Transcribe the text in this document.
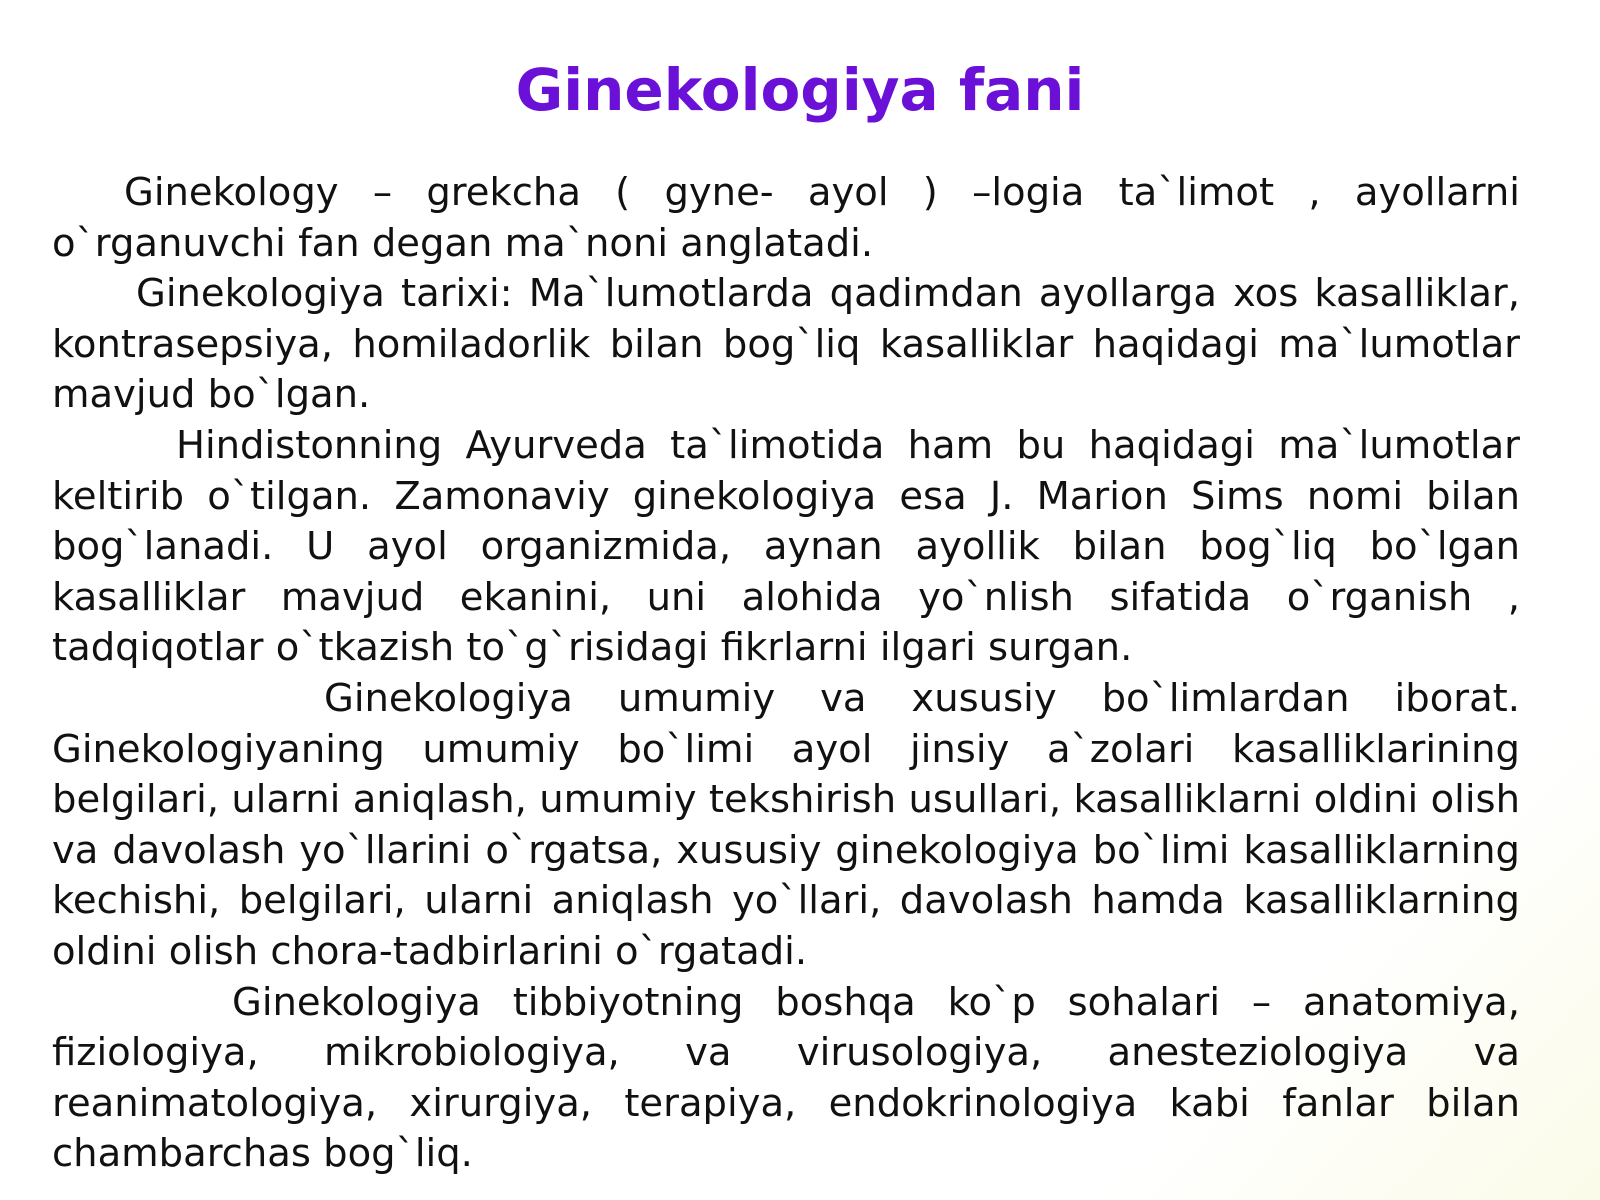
Ginekologiya fani

Ginekology – grekcha ( gyne- ayol ) –logia ta`limot , ayollarni o`rganuvchi fan degan ma`noni anglatadi.

Ginekologiya tarixi: Ma`lumotlarda qadimdan ayollarga xos kasalliklar, kontrasepsiya, homiladorlik bilan bog`liq kasalliklar haqidagi ma`lumotlar mavjud bo`lgan.

Hindistonning Ayurveda ta`limotida ham bu haqidagi ma`lumotlar keltirib o`tilgan. Zamonaviy ginekologiya esa J. Marion Sims nomi bilan bog`lanadi. U ayol organizmida, aynan ayollik bilan bog`liq bo`lgan kasalliklar mavjud ekanini, uni alohida yo`nlish sifatida o`rganish , tadqiqotlar o`tkazish to`g`risidagi fikrlarni ilgari surgan.

Ginekologiya umumiy va xususiy bo`limlardan iborat. Ginekologiyaning umumiy bo`limi ayol jinsiy a`zolari kasalliklarining belgilari, ularni aniqlash, umumiy tekshirish usullari, kasalliklarni oldini olish va davolash yo`llarini o`rgatsa, xususiy ginekologiya bo`limi kasalliklarning kechishi, belgilari, ularni aniqlash yo`llari, davolash hamda kasalliklarning oldini olish chora-tadbirlarini o`rgatadi.

Ginekologiya tibbiyotning boshqa ko`p sohalari – anatomiya, fiziologiya, mikrobiologiya, va virusologiya, anesteziologiya va reanimatologiya, xirurgiya, terapiya, endokrinologiya kabi fanlar bilan chambarchas bog`liq.
